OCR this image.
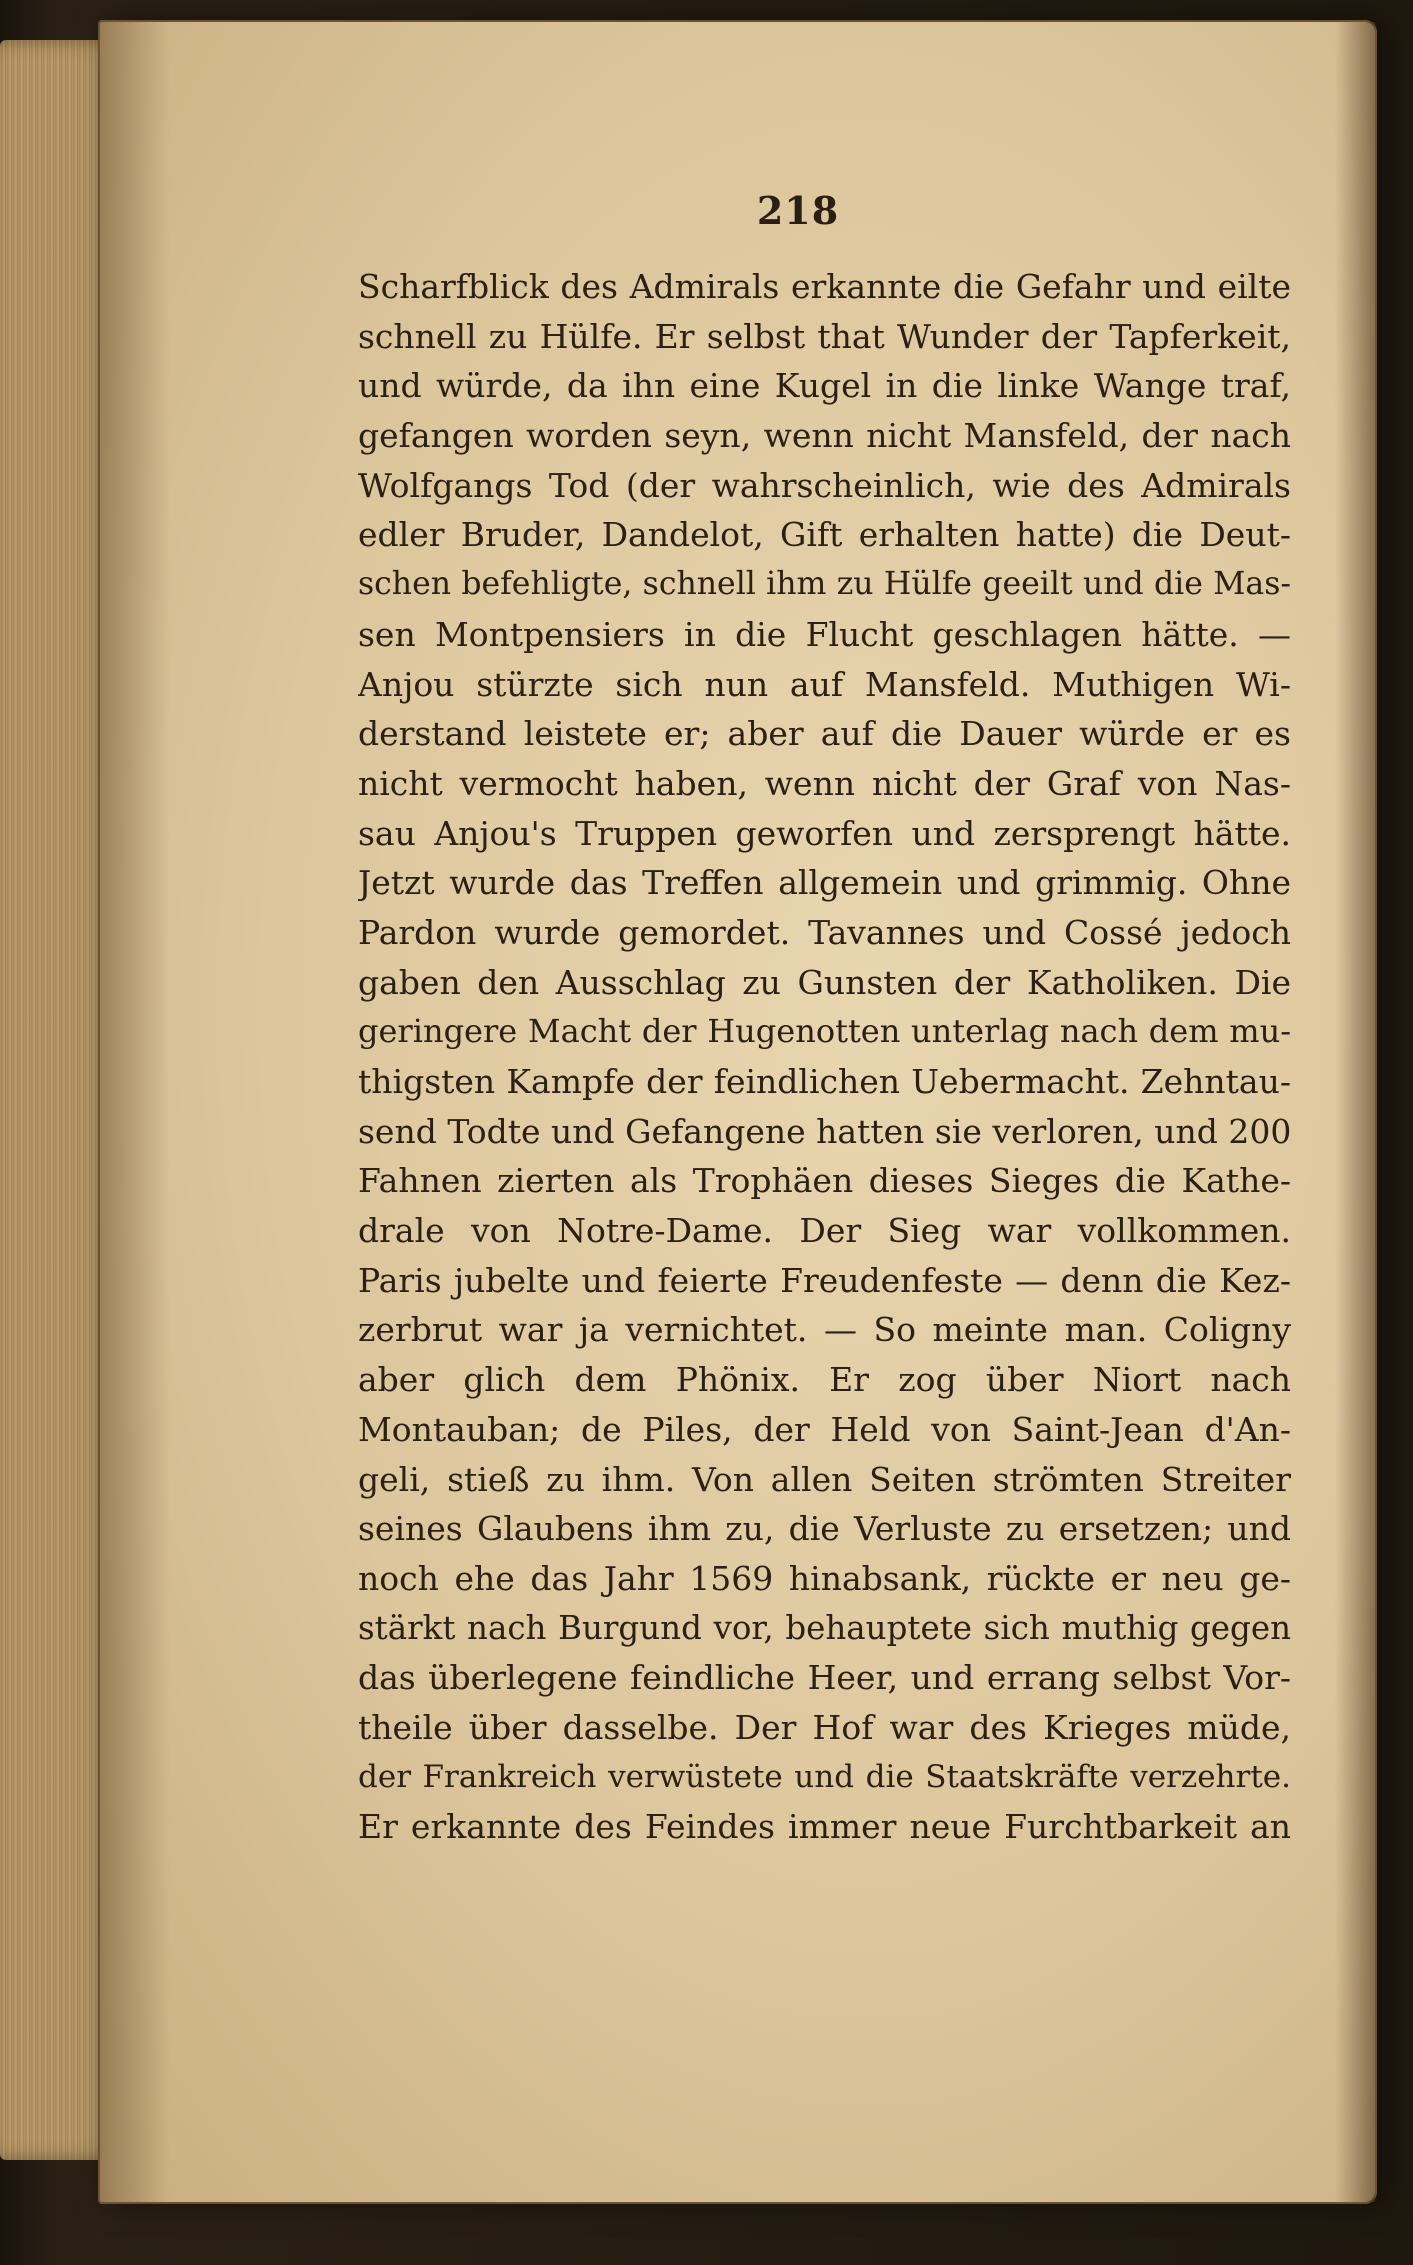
218
Scharfblick des Admirals erkannte die Gefahr und eilte
schnell zu Hülfe. Er selbst that Wunder der Tapferkeit,
und würde, da ihn eine Kugel in die linke Wange traf,
gefangen worden seyn, wenn nicht Mansfeld, der nach
Wolfgangs Tod (der wahrscheinlich, wie des Admirals
edler Bruder, Dandelot, Gift erhalten hatte) die Deut-
schen befehligte, schnell ihm zu Hülfe geeilt und die Mas-
sen Montpensiers in die Flucht geschlagen hätte. —
Anjou stürzte sich nun auf Mansfeld. Muthigen Wi-
derstand leistete er; aber auf die Dauer würde er es
nicht vermocht haben, wenn nicht der Graf von Nas-
sau Anjou's Truppen geworfen und zersprengt hätte.
Jetzt wurde das Treffen allgemein und grimmig. Ohne
Pardon wurde gemordet. Tavannes und Cossé jedoch
gaben den Ausschlag zu Gunsten der Katholiken. Die
geringere Macht der Hugenotten unterlag nach dem mu-
thigsten Kampfe der feindlichen Uebermacht. Zehntau-
send Todte und Gefangene hatten sie verloren, und 200
Fahnen zierten als Trophäen dieses Sieges die Kathe-
drale von Notre-Dame. Der Sieg war vollkommen.
Paris jubelte und feierte Freudenfeste — denn die Kez-
zerbrut war ja vernichtet. — So meinte man. Coligny
aber glich dem Phönix. Er zog über Niort nach
Montauban; de Piles, der Held von Saint-Jean d'An-
geli, stieß zu ihm. Von allen Seiten strömten Streiter
seines Glaubens ihm zu, die Verluste zu ersetzen; und
noch ehe das Jahr 1569 hinabsank, rückte er neu ge-
stärkt nach Burgund vor, behauptete sich muthig gegen
das überlegene feindliche Heer, und errang selbst Vor-
theile über dasselbe. Der Hof war des Krieges müde,
der Frankreich verwüstete und die Staatskräfte verzehrte.
Er erkannte des Feindes immer neue Furchtbarkeit an
